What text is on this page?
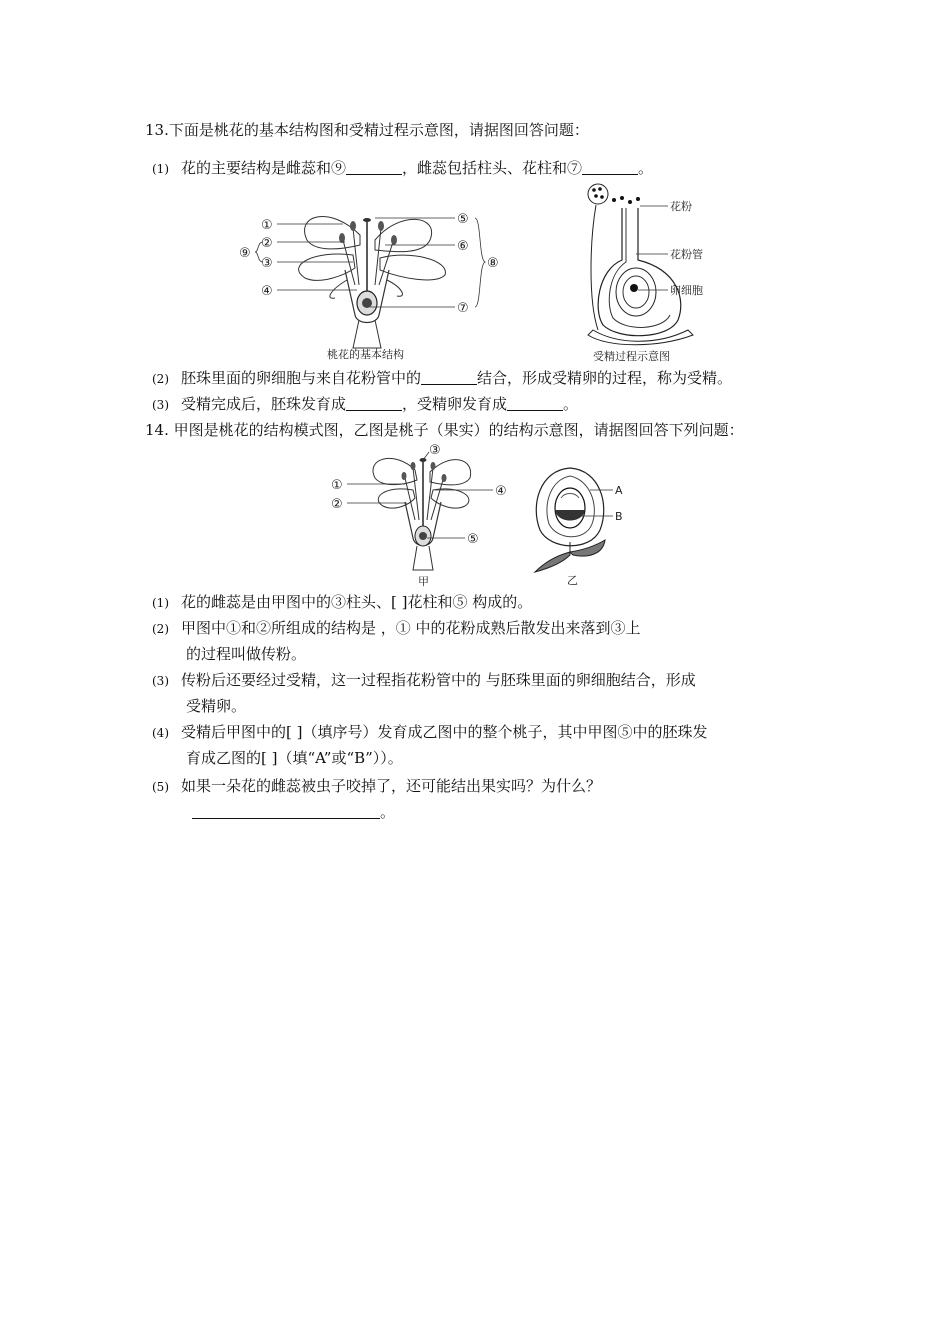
13.下面是桃花的基本结构图和受精过程示意图，请据图回答问题：
(1) 花的主要结构是雌蕊和⑨	，雌蕊包括柱头、花柱和⑦	。
①
②
③
④
⑨
⑤
⑥
⑦
⑧
桃花的基本结构
花粉
花粉管
卵细胞
受精过程示意图
(2) 胚珠里面的卵细胞与来自花粉管中的	结合，形成受精卵的过程，称为受精。
(3) 受精完成后，胚珠发育成	，受精卵发育成	。
14. 甲图是桃花的结构模式图，乙图是桃子（果实）的结构示意图，请据图回答下列问题：
①
②
③
④
⑤
甲
A
B
乙
(1) 花的雌蕊是由甲图中的③柱头、[ ]花柱和⑤ 构成的。
(2) 甲图中①和②所组成的结构是 ，① 中的花粉成熟后散发出来落到③上
的过程叫做传粉。
(3) 传粉后还要经过受精，这一过程指花粉管中的 与胚珠里面的卵细胞结合，形成
受精卵。
(4) 受精后甲图中的[ ]（填序号）发育成乙图中的整个桃子，其中甲图⑤中的胚珠发
育成乙图的[ ]（填“A”或“B”））。
(5) 如果一朵花的雌蕊被虫子咬掉了，还可能结出果实吗？为什么？
。
